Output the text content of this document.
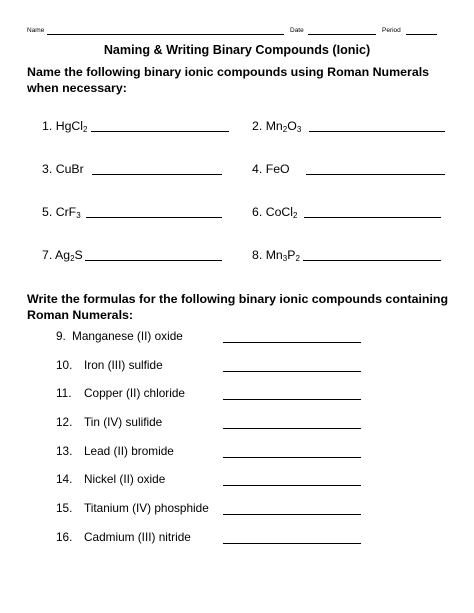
Name	Date	Period
Naming & Writing Binary Compounds (Ionic)
Name the following binary ionic compounds using Roman Numerals when necessary:
1. HgCl$_2$	2. $Mn_2O_3$
3. CuBr	4. FeO
5. CrF$_3$	6. CoCl$_2$
7. $Ag_2S$	8. $Mn_3P_2$
Write the formulas for the following binary ionic compounds containing Roman Numerals:
9. Manganese (II) oxide
10. Iron (III) sulfide
11. Copper (II) chloride
12. Tin (IV) sulifide
13. Lead (II) bromide
14. Nickel (II) oxide
15. Titanium (IV) phosphide
16. Cadmium (III) nitride
